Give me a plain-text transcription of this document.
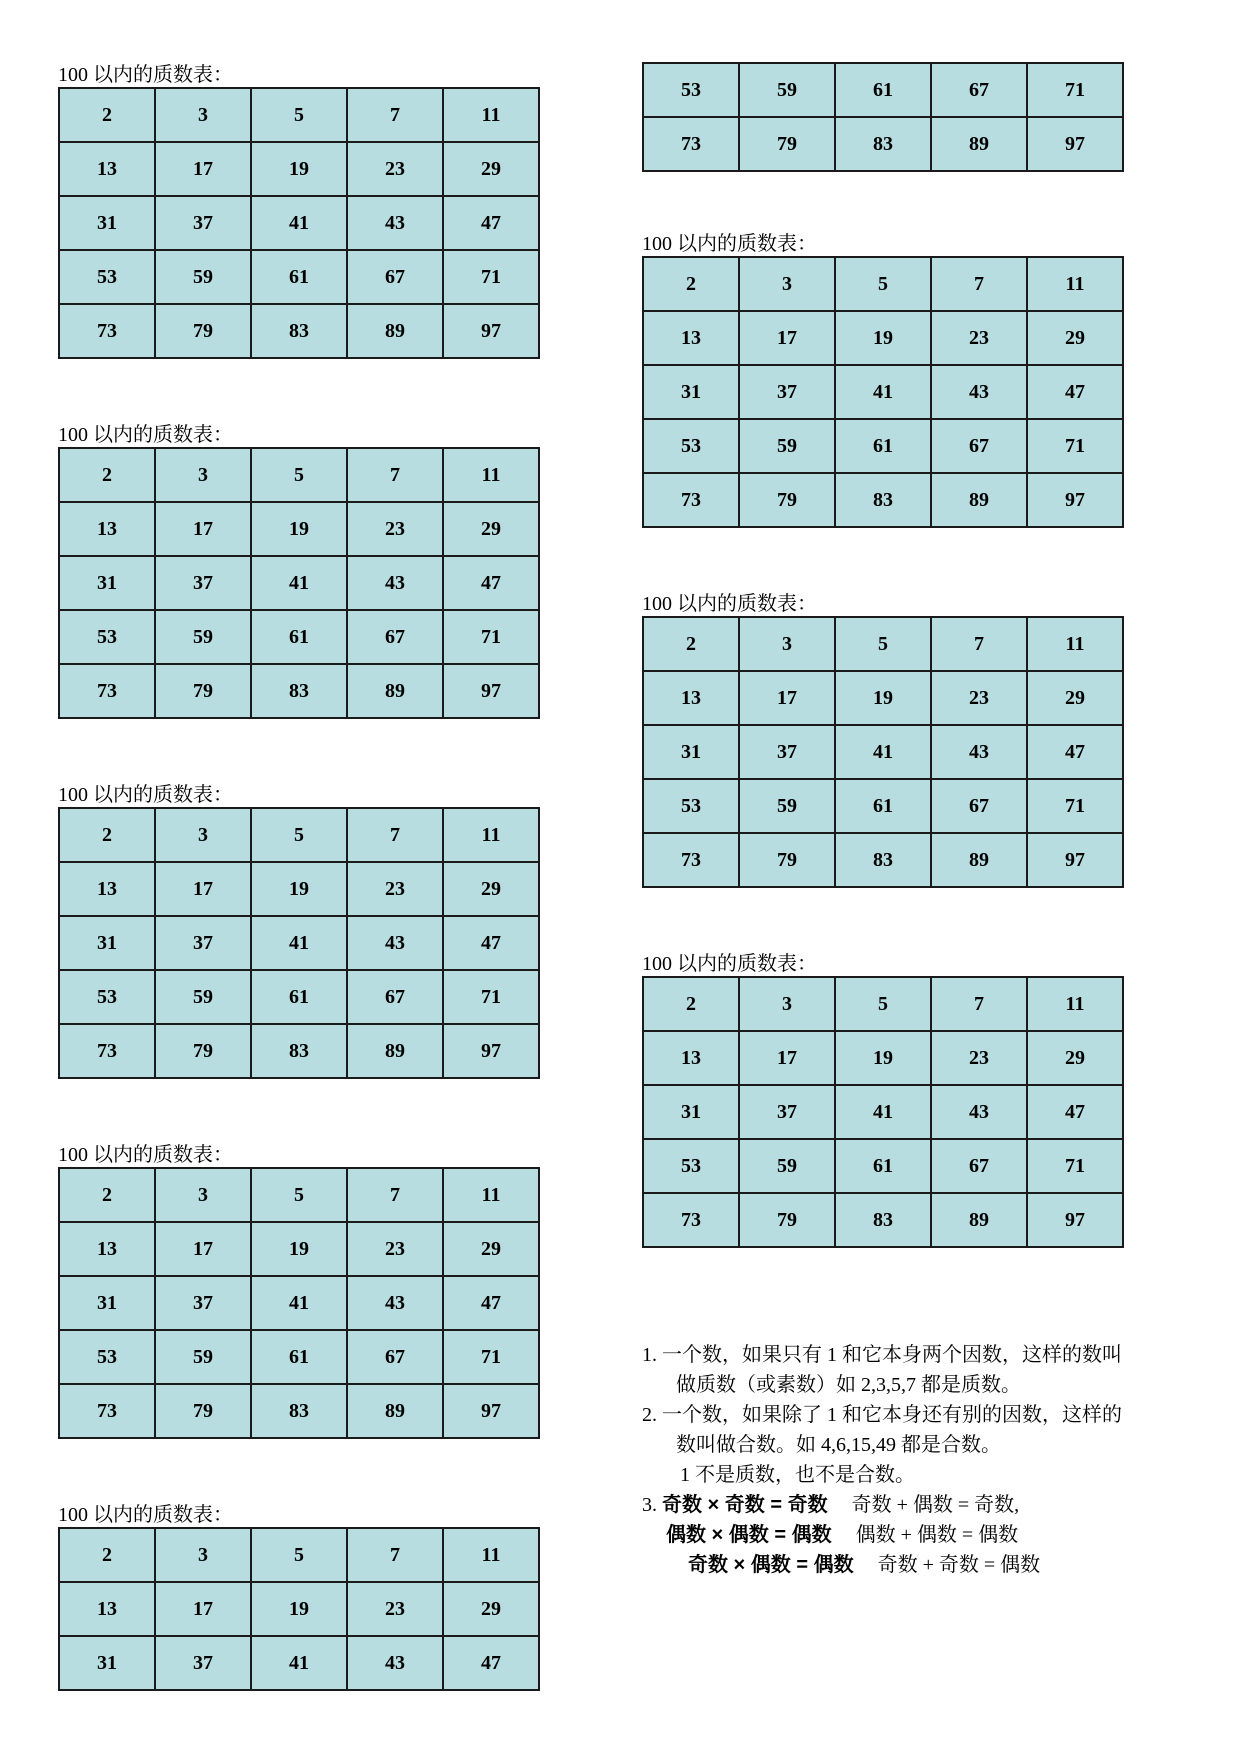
100 以内的质数表：
2	3	5	7	11
13	17	19	23	29
31	37	41	43	47
53	59	61	67	71
73	79	83	89	97
100 以内的质数表：
2	3	5	7	11
13	17	19	23	29
31	37	41	43	47
53	59	61	67	71
73	79	83	89	97
100 以内的质数表：
2	3	5	7	11
13	17	19	23	29
31	37	41	43	47
53	59	61	67	71
73	79	83	89	97
100 以内的质数表：
2	3	5	7	11
13	17	19	23	29
31	37	41	43	47
53	59	61	67	71
73	79	83	89	97
100 以内的质数表：
2	3	5	7	11
13	17	19	23	29
31	37	41	43	47
53	59	61	67	71
73	79	83	89	97
100 以内的质数表：
2	3	5	7	11
13	17	19	23	29
31	37	41	43	47
53	59	61	67	71
73	79	83	89	97
100 以内的质数表：
2	3	5	7	11
13	17	19	23	29
31	37	41	43	47
53	59	61	67	71
73	79	83	89	97
100 以内的质数表：
2	3	5	7	11
13	17	19	23	29
31	37	41	43	47
53	59	61	67	71
73	79	83	89	97

1. 一个数，如果只有 1 和它本身两个因数，这样的数叫

做质数（或素数）如 2,3,5,7 都是质数。

2. 一个数，如果除了 1 和它本身还有别的因数，这样的

数叫做合数。如 4,6,15,49 都是合数。

1 不是质数，也不是合数。

3. 奇数 × 奇数 = 奇数 奇数 + 偶数 = 奇数,

偶数 × 偶数 = 偶数 偶数 + 偶数 = 偶数

奇数 × 偶数 = 偶数 奇数 + 奇数 = 偶数
